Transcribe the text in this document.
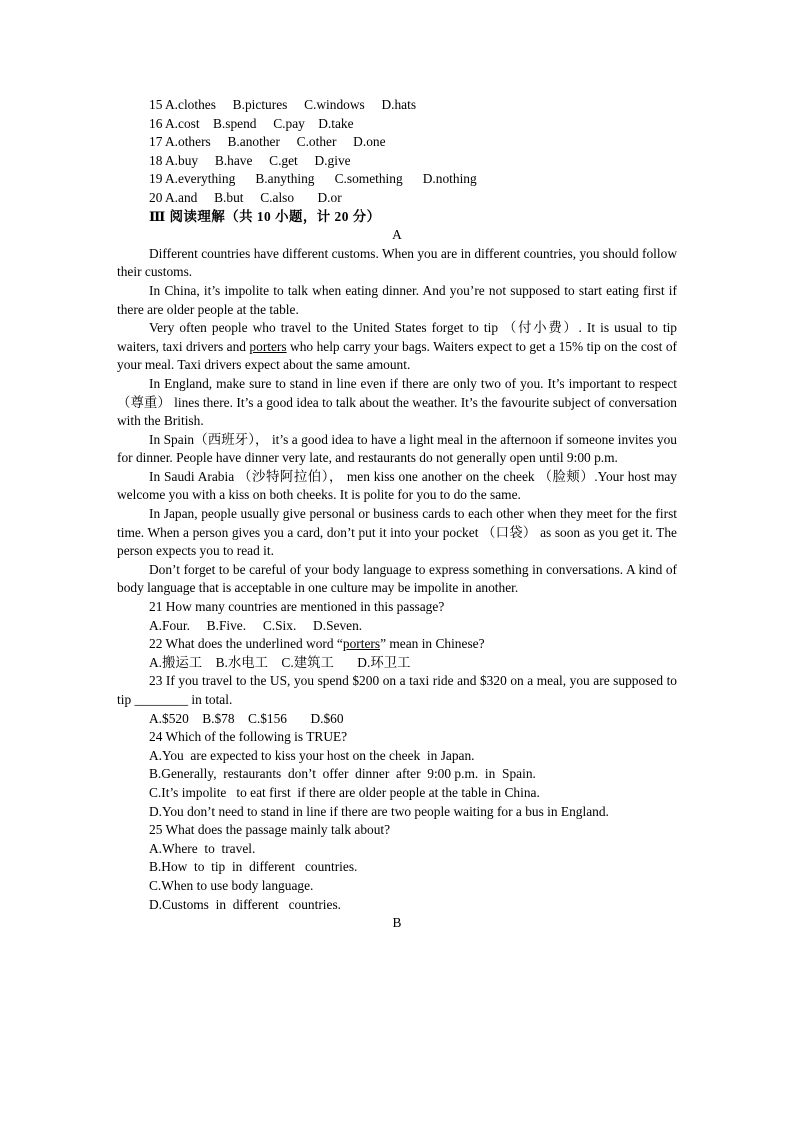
15 A.clothes     B.pictures     C.windows     D.hats
16 A.cost    B.spend     C.pay    D.take
17 A.others     B.another     C.other     D.one
18 A.buy     B.have     C.get     D.give
19 A.everything      B.anything      C.something      D.nothing
20 A.and     B.but     C.also       D.or
Ⅲ 阅读理解（共 10 小题，计 20 分）
A
Different countries have different customs. When you are in different countries, you should follow their customs.
In China, it’s impolite to talk when eating dinner. And you’re not supposed to start eating first if there are older people at the table.
Very often people who travel to the United States forget to tip （付小费）. It is usual to tip waiters, taxi drivers and porters who help carry your bags. Waiters expect to get a 15% tip on the cost of your meal. Taxi drivers expect about the same amount.
In England, make sure to stand in line even if there are only two of you. It’s important to respect（尊重） lines there. It’s a good idea to talk about the weather. It’s the favourite subject of conversation with the British.
In Spain（西班牙）， it’s a good idea to have a light meal in the afternoon if someone invites you for dinner. People have dinner very late, and restaurants do not generally open until 9:00 p.m.
In Saudi Arabia （沙特阿拉伯）， men kiss one another on the cheek （脸颊）.Your host may welcome you with a kiss on both cheeks. It is polite for you to do the same.
In Japan, people usually give personal or business cards to each other when they meet for the first time. When a person gives you a card, don’t put it into your pocket （口袋） as soon as you get it. The person expects you to read it.
Don’t forget to be careful of your body language to express something in conversations. A kind of body language that is acceptable in one culture may be impolite in another.
21 How many countries are mentioned in this passage?
A.Four.     B.Five.     C.Six.     D.Seven.
22 What does the underlined word “porters” mean in Chinese?
A.搬运工    B.水电工    C.建筑工       D.环卫工
23 If you travel to the US, you spend $200 on a taxi ride and $320 on a meal, you are supposed to tip ________ in total.
A.$520    B.$78    C.$156       D.$60
24 Which of the following is TRUE?
A.You  are expected to kiss your host on the cheek  in Japan.
B.Generally,  restaurants  don’t  offer  dinner  after  9:00 p.m.  in  Spain.
C.It’s impolite   to eat first  if there are older people at the table in China.
D.You don’t need to stand in line if there are two people waiting for a bus in England.
25 What does the passage mainly talk about?
A.Where  to  travel.
B.How  to  tip  in  different   countries.
C.When to use body language.
D.Customs  in  different   countries.
B
